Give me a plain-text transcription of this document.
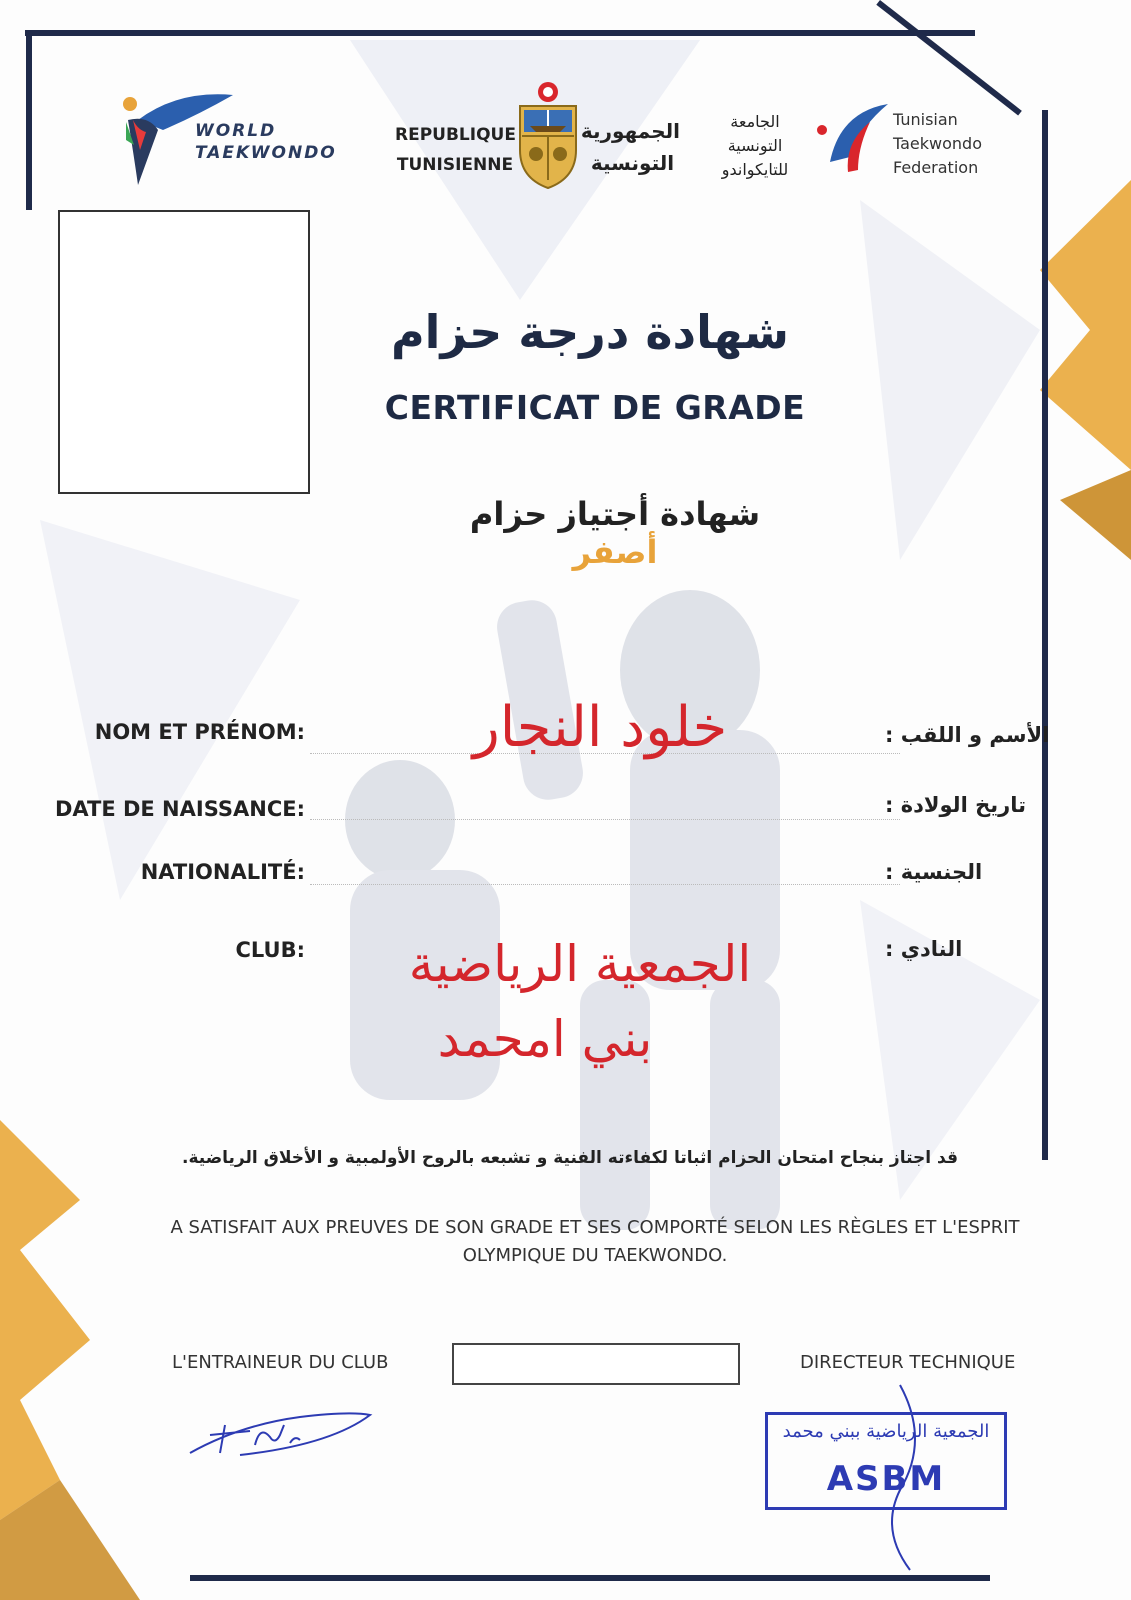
WORLD
TAEKWONDO
REPUBLIQUE
TUNISIENNE
الجمهورية
التونسية
الجامعة
التونسية
للتايكواندو
Tunisian
Taekwondo
Federation
شهادة درجة حزام
CERTIFICAT DE GRADE
شهادة أجتياز حزام أصفر
NOM ET PRÉNOM:	الأسم و اللقب :
خلود النجار
DATE DE NAISSANCE:	تاريخ الولادة :
NATIONALITÉ:	الجنسية :
CLUB:	النادي :
الجمعية الرياضية
بني امحمد
قد اجتاز بنجاح امتحان الحزام اثباتا لكفاءته الفنية و تشبعه بالروح الأولمبية و الأخلاق الرياضية.
A SATISFAIT AUX PREUVES DE SON GRADE ET SES COMPORTÉ SELON LES RÈGLES ET L'ESPRIT
OLYMPIQUE DU TAEKWONDO.
L'ENTRAINEUR DU CLUB	DIRECTEUR TECHNIQUE
الجمعية الرياضية ببني محمد
ASBM
